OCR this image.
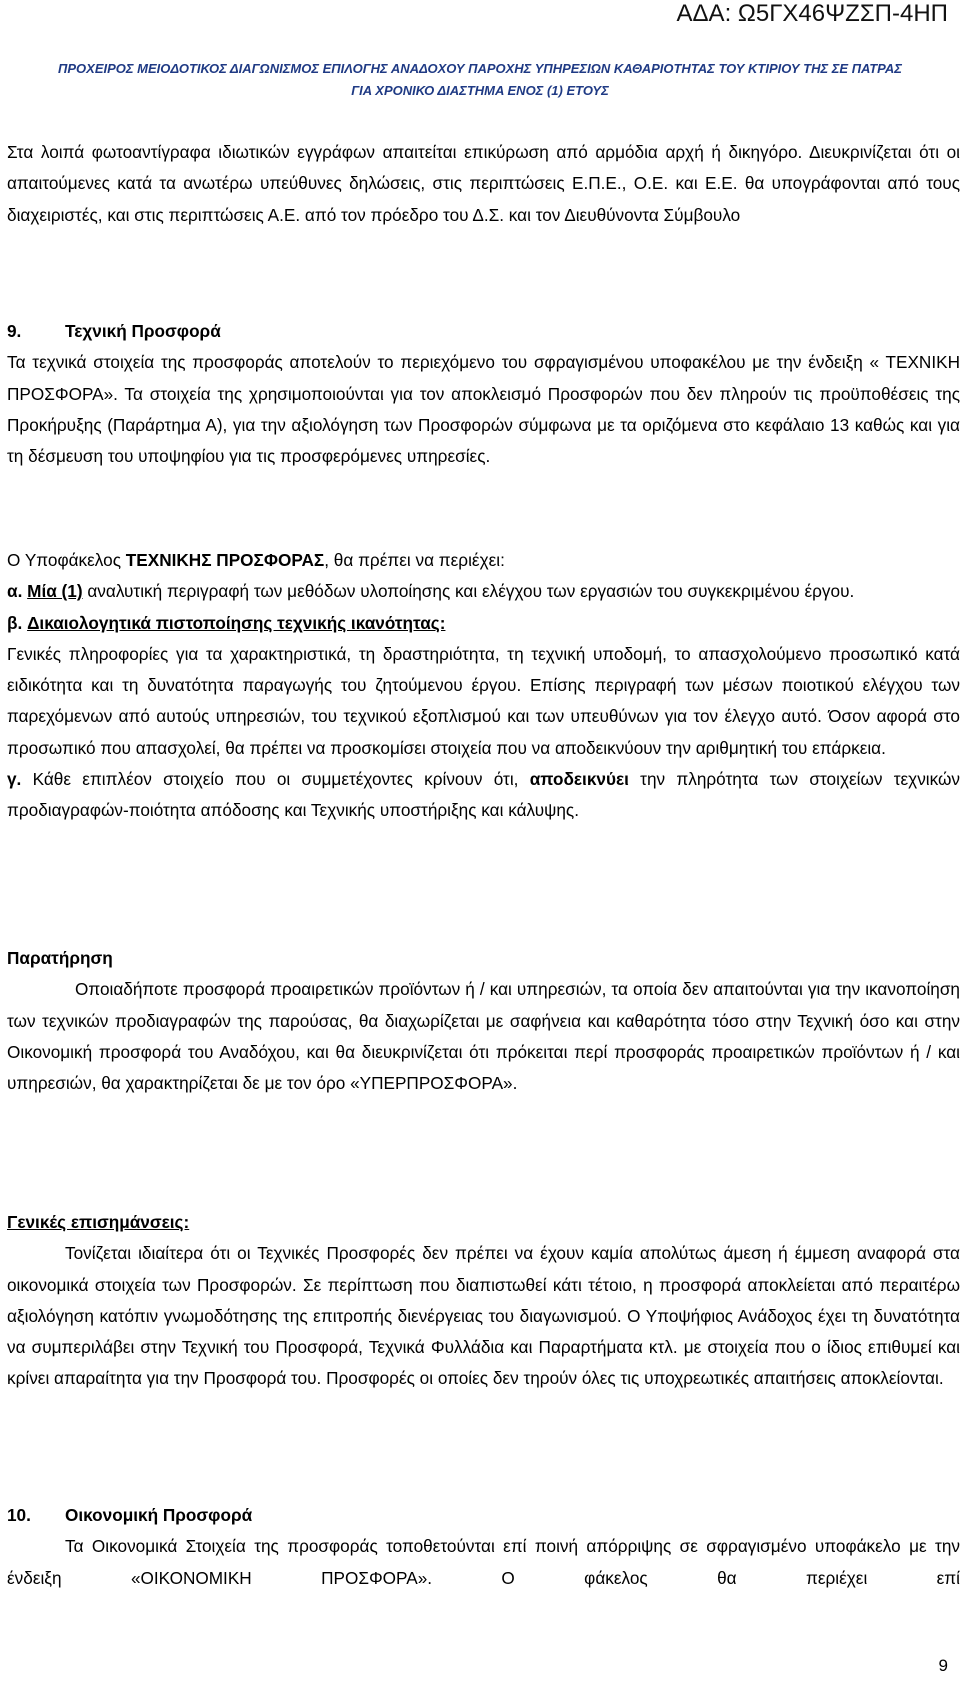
ΑΔΑ: Ω5ΓΧ46ΨΖΣΠ-4ΗΠ
ΠΡΟΧΕΙΡΟΣ ΜΕΙΟΔΟΤΙΚΟΣ ΔΙΑΓΩΝΙΣΜΟΣ ΕΠΙΛΟΓΗΣ ΑΝΑΔΟΧΟΥ ΠΑΡΟΧΗΣ ΥΠΗΡΕΣΙΩΝ ΚΑΘΑΡΙΟΤΗΤΑΣ ΤΟΥ ΚΤΙΡΙΟΥ ΤΗΣ ΣΕ ΠΑΤΡΑΣ
ΓΙΑ ΧΡΟΝΙΚΟ ΔΙΑΣΤΗΜΑ ΕΝΟΣ (1) ΕΤΟΥΣ

Στα λοιπά φωτοαντίγραφα ιδιωτικών εγγράφων απαιτείται επικύρωση από αρμόδια αρχή ή δικηγόρο. Διευκρινίζεται ότι οι απαιτούμενες κατά τα ανωτέρω υπεύθυνες δηλώσεις, στις περιπτώσεις Ε.Π.Ε., Ο.Ε. και Ε.Ε. θα υπογράφονται από τους διαχειριστές, και στις περιπτώσεις Α.Ε. από τον πρόεδρο του Δ.Σ. και τον Διευθύνοντα Σύμβουλο

9.	Τεχνική Προσφορά

Τα τεχνικά στοιχεία της προσφοράς αποτελούν το περιεχόμενο του σφραγισμένου υποφακέλου με την ένδειξη « ΤΕΧΝΙΚΗ ΠΡΟΣΦΟΡΑ». Τα στοιχεία της χρησιμοποιούνται για τον αποκλεισμό Προσφορών που δεν πληρούν τις προϋποθέσεις της Προκήρυξης (Παράρτημα Α), για την αξιολόγηση των Προσφορών σύμφωνα με τα οριζόμενα στο κεφάλαιο 13 καθώς και για τη δέσμευση του υποψηφίου για τις προσφερόμενες υπηρεσίες.

Ο Υποφάκελος ΤΕΧΝΙΚΗΣ ΠΡΟΣΦΟΡΑΣ, θα πρέπει να περιέχει:

α. Μία (1) αναλυτική περιγραφή των μεθόδων υλοποίησης και ελέγχου των εργασιών του συγκεκριμένου έργου.

β. Δικαιολογητικά πιστοποίησης τεχνικής ικανότητας:

Γενικές πληροφορίες για τα χαρακτηριστικά, τη δραστηριότητα, τη τεχνική υποδομή, το απασχολούμενο προσωπικό κατά ειδικότητα και τη δυνατότητα παραγωγής του ζητούμενου έργου. Επίσης περιγραφή των μέσων ποιοτικού ελέγχου των παρεχόμενων από αυτούς υπηρεσιών, του τεχνικού εξοπλισμού και των υπευθύνων για τον έλεγχο αυτό. Όσον αφορά στο προσωπικό που απασχολεί, θα πρέπει να προσκομίσει στοιχεία που να αποδεικνύουν την αριθμητική του επάρκεια.

γ. Κάθε επιπλέον στοιχείο που οι συμμετέχοντες κρίνουν ότι, αποδεικνύει την πληρότητα των στοιχείων τεχνικών προδιαγραφών-ποιότητα απόδοσης και Τεχνικής υποστήριξης και κάλυψης.

Παρατήρηση

Οποιαδήποτε προσφορά προαιρετικών προϊόντων ή / και υπηρεσιών, τα οποία δεν απαιτούνται για την ικανοποίηση των τεχνικών προδιαγραφών της παρούσας, θα διαχωρίζεται με σαφήνεια και καθαρότητα τόσο στην Τεχνική όσο και στην Οικονομική προσφορά του Αναδόχου, και θα διευκρινίζεται ότι πρόκειται περί προσφοράς προαιρετικών προϊόντων ή / και υπηρεσιών, θα χαρακτηρίζεται δε με τον όρο «ΥΠΕΡΠΡΟΣΦΟΡΑ».

Γενικές επισημάνσεις:

Τονίζεται ιδιαίτερα ότι οι Τεχνικές Προσφορές δεν πρέπει να έχουν καμία απολύτως άμεση ή έμμεση αναφορά στα οικονομικά στοιχεία των Προσφορών. Σε περίπτωση που διαπιστωθεί κάτι τέτοιο, η προσφορά αποκλείεται από περαιτέρω αξιολόγηση κατόπιν γνωμοδότησης της επιτροπής διενέργειας του διαγωνισμού. Ο Υποψήφιος Ανάδοχος έχει τη δυνατότητα να συμπεριλάβει στην Τεχνική του Προσφορά, Τεχνικά Φυλλάδια και Παραρτήματα κτλ. με στοιχεία που ο ίδιος επιθυμεί και κρίνει απαραίτητα για την Προσφορά του. Προσφορές οι οποίες δεν τηρούν όλες τις υποχρεωτικές απαιτήσεις αποκλείονται.

10.	Οικονομική Προσφορά

Τα Οικονομικά Στοιχεία της προσφοράς τοποθετούνται επί ποινή απόρριψης σε σφραγισμένο υποφάκελο με την ένδειξη «ΟΙΚΟΝΟΜΙΚΗ ΠΡΟΣΦΟΡΑ». Ο φάκελος θα περιέχει επί

9
